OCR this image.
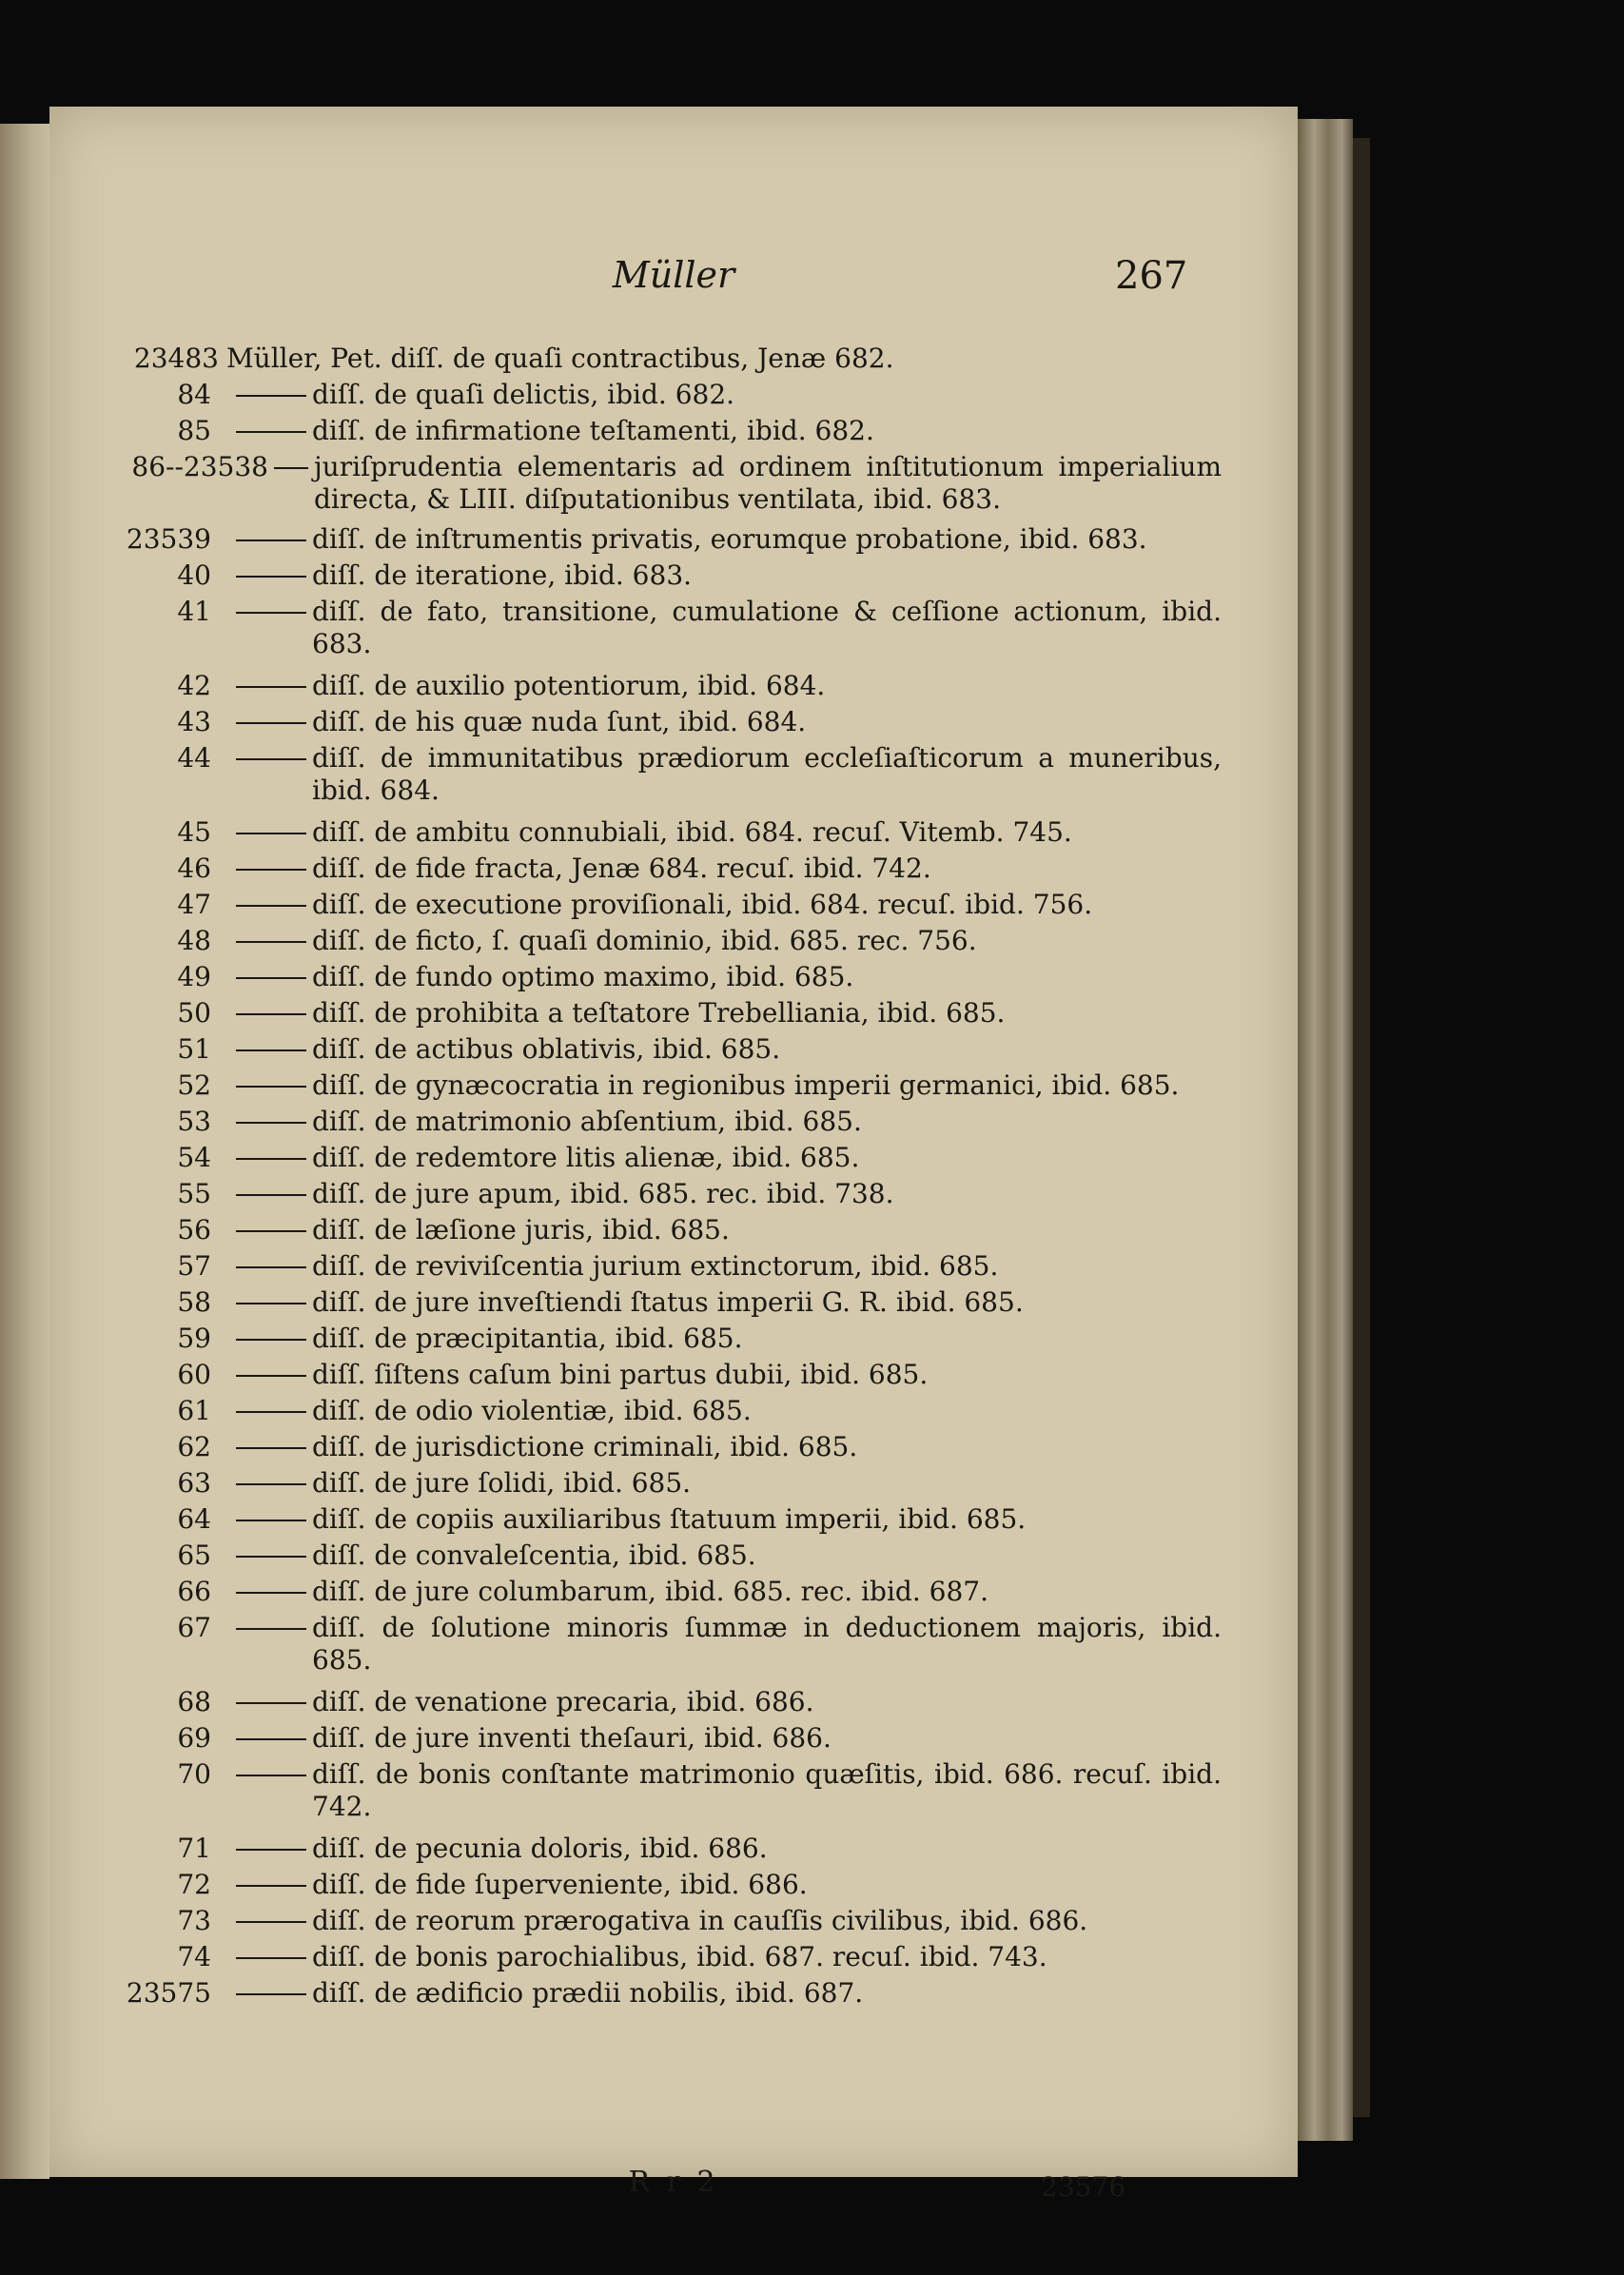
Müller	267
23483 Müller, Pet. diſſ. de quaſi contractibus, Jenæ 682.
84	diſſ. de quaſi delictis, ibid. 682.
85	diſſ. de infirmatione teſtamenti, ibid. 682.
86--23538 juriſprudentia elementaris ad ordinem inſtitutionum imperialium directa, & LIII. diſputationibus ventilata, ibid. 683.
23539	diſſ. de inſtrumentis privatis, eorumque probatione, ibid. 683.
40	diſſ. de iteratione, ibid. 683.
41	diſſ. de fato, transitione, cumulatione & ceſſione actionum, ibid. 683.
42	diſſ. de auxilio potentiorum, ibid. 684.
43	diſſ. de his quæ nuda ſunt, ibid. 684.
44	diſſ. de immunitatibus prædiorum eccleſiaſticorum a muneribus, ibid. 684.
45	diſſ. de ambitu connubiali, ibid. 684. recuſ. Vitemb. 745.
46	diſſ. de fide fracta, Jenæ 684. recuſ. ibid. 742.
47	diſſ. de executione proviſionali, ibid. 684. recuſ. ibid. 756.
48	diſſ. de ficto, ſ. quaſi dominio, ibid. 685. rec. 756.
49	diſſ. de fundo optimo maximo, ibid. 685.
50	diſſ. de prohibita a teſtatore Trebelliania, ibid. 685.
51	diſſ. de actibus oblativis, ibid. 685.
52	diſſ. de gynæcocratia in regionibus imperii germanici, ibid. 685.
53	diſſ. de matrimonio abſentium, ibid. 685.
54	diſſ. de redemtore litis alienæ, ibid. 685.
55	diſſ. de jure apum, ibid. 685. rec. ibid. 738.
56	diſſ. de læſione juris, ibid. 685.
57	diſſ. de reviviſcentia jurium extinctorum, ibid. 685.
58	diſſ. de jure inveſtiendi ſtatus imperii G. R. ibid. 685.
59	diſſ. de præcipitantia, ibid. 685.
60	diſſ. ſiſtens caſum bini partus dubii, ibid. 685.
61	diſſ. de odio violentiæ, ibid. 685.
62	diſſ. de jurisdictione criminali, ibid. 685.
63	diſſ. de jure ſolidi, ibid. 685.
64	diſſ. de copiis auxiliaribus ſtatuum imperii, ibid. 685.
65	diſſ. de convaleſcentia, ibid. 685.
66	diſſ. de jure columbarum, ibid. 685. rec. ibid. 687.
67	diſſ. de ſolutione minoris ſummæ in deductionem majoris, ibid. 685.
68	diſſ. de venatione precaria, ibid. 686.
69	diſſ. de jure inventi theſauri, ibid. 686.
70	diſſ. de bonis conſtante matrimonio quæſitis, ibid. 686. recuſ. ibid. 742.
71	diſſ. de pecunia doloris, ibid. 686.
72	diſſ. de fide ſuperveniente, ibid. 686.
73	diſſ. de reorum prærogativa in cauſſis civilibus, ibid. 686.
74	diſſ. de bonis parochialibus, ibid. 687. recuſ. ibid. 743.
23575	diſſ. de ædificio prædii nobilis, ibid. 687.
R r 2	23576
